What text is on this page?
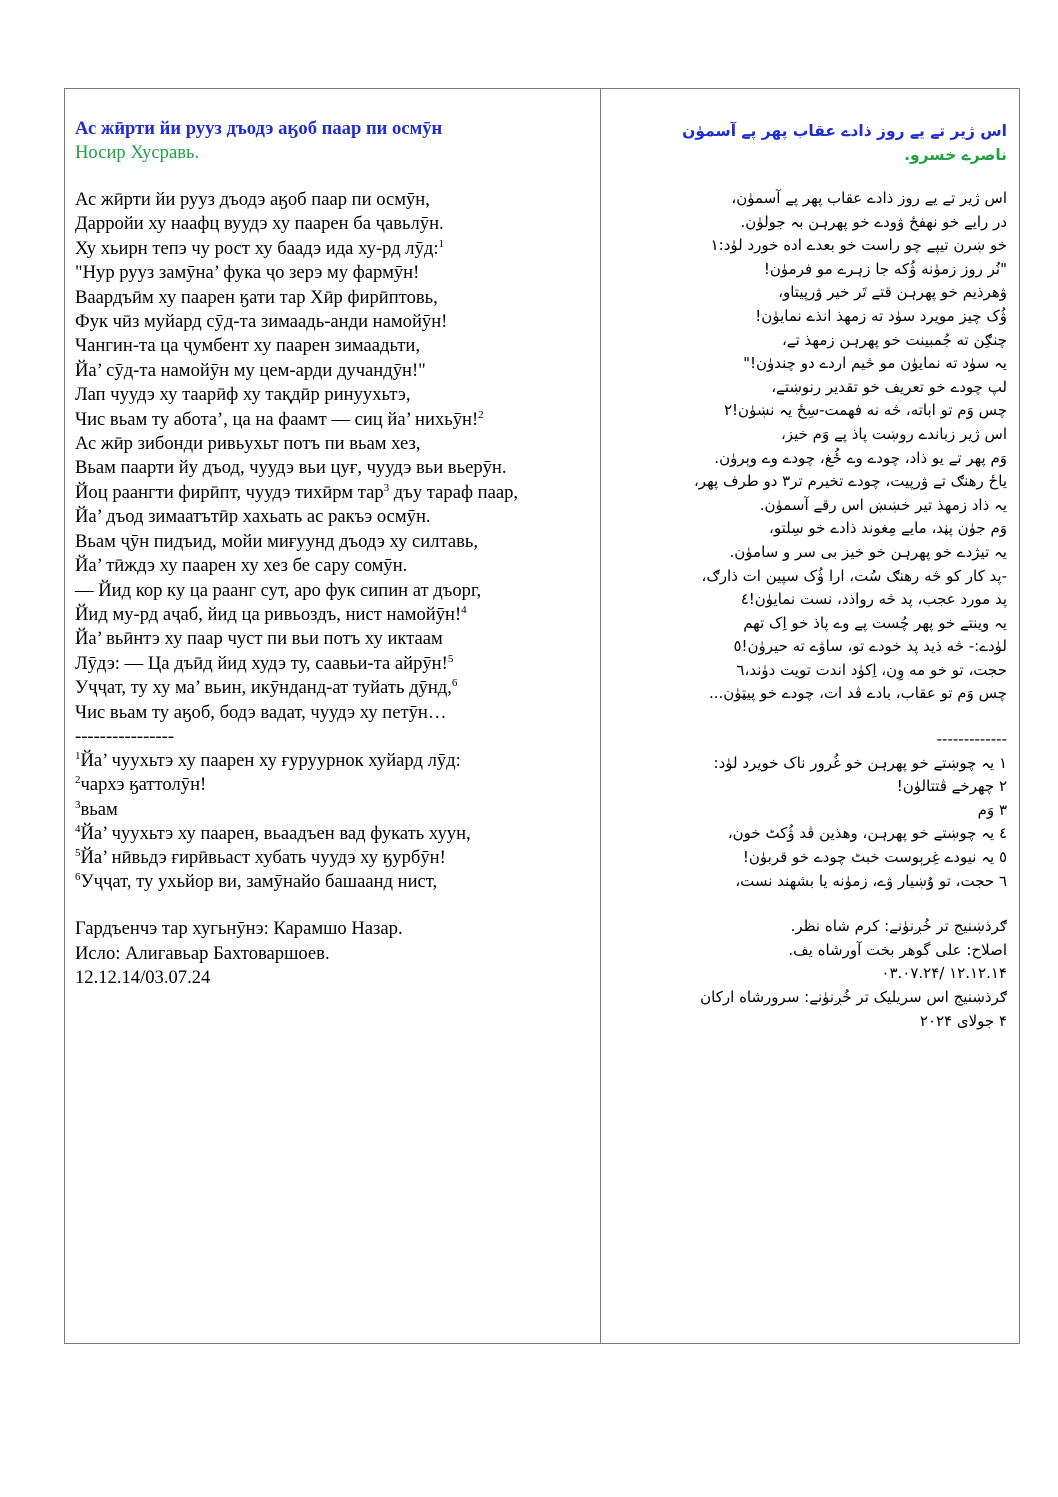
Ас жӣрти йи рууз дъодэ аӄоб паар пи осмӯн
Носир Хусравь.
Ас жӣрти йи рууз дъодэ аӄоб паар пи осмӯн,
Дарройи ху наафц вуудэ ху паарен ба ҷавьлӯн.
Ху хьирн тепэ чу рост ху баадэ ида ху-рд лӯд:$^1$
"Нур рууз замӯна’ фука ҷо зерэ му фармӯн!
Ваардъӣм ху паарен ӄати тар Хӣр фирӣптовь,
Фук чӣз муйард сӯд-та зимаадь-анди намойӯн!
Чангин-та ца ҷумбент ху паарен зимаадьти,
Йа’ сӯд-та намойӯн му цем-арди дучандӯн!"
Лап чуудэ ху таарӣф ху тақдӣр ринуухьтэ,
Чис вьам ту абота’, ца на фаамт — сиц йа’ нихьӯн!$^2$
Ас жӣр зибонди ривьухьт потъ пи вьам хез,
Вьам паарти йу дъод, чуудэ вьи цуғ, чуудэ вьи вьерӯн.
Йоц раангти фирӣпт, чуудэ тихӣрм тар$^3$ дъу тараф паар,
Йа’ дъод зимаатътӣр хахьать ас ракъэ осмӯн.
Вьам ҷӯн пидъид, мойи миғуунд дъодэ ху силтавь,
Йа’ тӣждэ ху паарен ху хез бе сару сомӯн.
— Йид кор ку ца раанг сут, аро фук сипин ат дъорг,
Йид му-рд аҷаб, йид ца ривьоздъ, нист намойӯн!$^4$
Йа’ вьӣнтэ ху паар чуст пи вьи потъ ху иктаам
Лӯдэ: — Ца дъӣд йид худэ ту, саавьи-та айрӯн!$^5$
Уҷҷат, ту ху ма’ вьин, икӯнданд-ат туйать дӯнд,$^6$
Чис вьам ту аӄоб, бодэ вадат, чуудэ ху петӯн…
----------------
$^1$Йа’ чуухьтэ ху паарен ху ғуруурнок хуйард лӯд:
$^2$чархэ ӄаттолӯн!
$^3$вьам
$^4$Йа’ чуухьтэ ху паарен, вьаадъен вад фукать хуун,
$^5$Йа’ нӣвьдэ ғирӣвьаст хубать чуудэ ху ӄурбӯн!
$^6$Уҷҷат, ту ухьйор ви, замӯнайо башаанд нист,
Гардъенчэ тар хугьнӯнэ: Карамшо Назар.
Ислo: Алигавьар Бахтоваршоев.
12.12.14/03.07.24
اس ژیر تے یے روز ذادے عقاب پھر پے آسمۈن
ناصرے خسرو.
اس ژیر تے یے روز ذادے عقاب پھر پے آسمۈن،
در رایے خو نهفځ ۋودے خو پھرہن بہ جولۈن.
خو ښرن تیپے چو راست خو بعدے اده خورد لۈد:١
"نُر روز زمۈنه ۋُکه جا زہرے مو فرمۈن!
ۋهرذیم خو پهرہن قتے تَر خیر ۋرپیتاو،
ۋُک چیز مویرد سۈد ته زمهذ انذے نمایۈن!
چنګِن ته جُمبینت خو پهرہن زمهذ تے،
یہ سۈد ته نمایۈن مو څیم اردے دو چندۈن!"
لپ چودے خو تعریف خو تقدیر رنوښتے،
چس وَم تو اباته، څه نه فهمت-سِځ یہ نښۈن!٢
اس ژیر زباندے روښت پاذ پے وَم خیز،
وَم پهر تے یو ذاد، چودے وے ځُغ، چودے وے وېرۈن.
یاځ رهنګ تے ۋرپیت، چودے تخیرم تر٣ دو طرف پهر،
یہ ذاد زمهذ تیر خښښ اس رقے آسمۈن.
وَم جۈن پڼد، مایے مِغوند ذادے خو سِلتو،
یہ تیژدے خو پهرہن خو خیز بی سر و سامۈن.
-پد کار کو څه رهنګ سُت، ارا ۋُک سپین ات ذارګ،
پد مورد عجب، پد څه رواذد، نست نمایۈن!٤
یہ وینتے خو پهر چُست پے وے پاذ خو اِک تهم
لۈدے:- څه ذید پد خودے تو، ساۋے ته حیرۈن!٥
حجت، تو خو مه وِن، اِکۈد اندت تویت دۈند،٦
چس وَم تو عقاب، بادے ڤد ات، چودے خو پیټۈن...
-------------
١ یہ چوښتے خو پهرہن خو غُرور ناک خویرد لۈد:
٢ چهرخے ڤتتالۈن!
٣ وَم
٤ یہ چوښتے خو پهرہن، وهذین ڤد ۋُکٹ خون،
٥ یہ نیودے غِرېوست خبٹ چودے خو قربۈن!
٦ حجت، تو ۇښیار ۋے، زمۈنه یا بشهند نست،
ګرذښنیج تر خُږنۈنے: کرم شاه نظر.
اصلاح: علی گوهر بخت آورشاه یف.
١٢.١٢.١۴ /٠٣.٠٧.٢۴
ګرذښنیج اس سریلیک تر خُږنۈنے: سرورشاه ارکان
۴ جولای ٢٠٢۴
